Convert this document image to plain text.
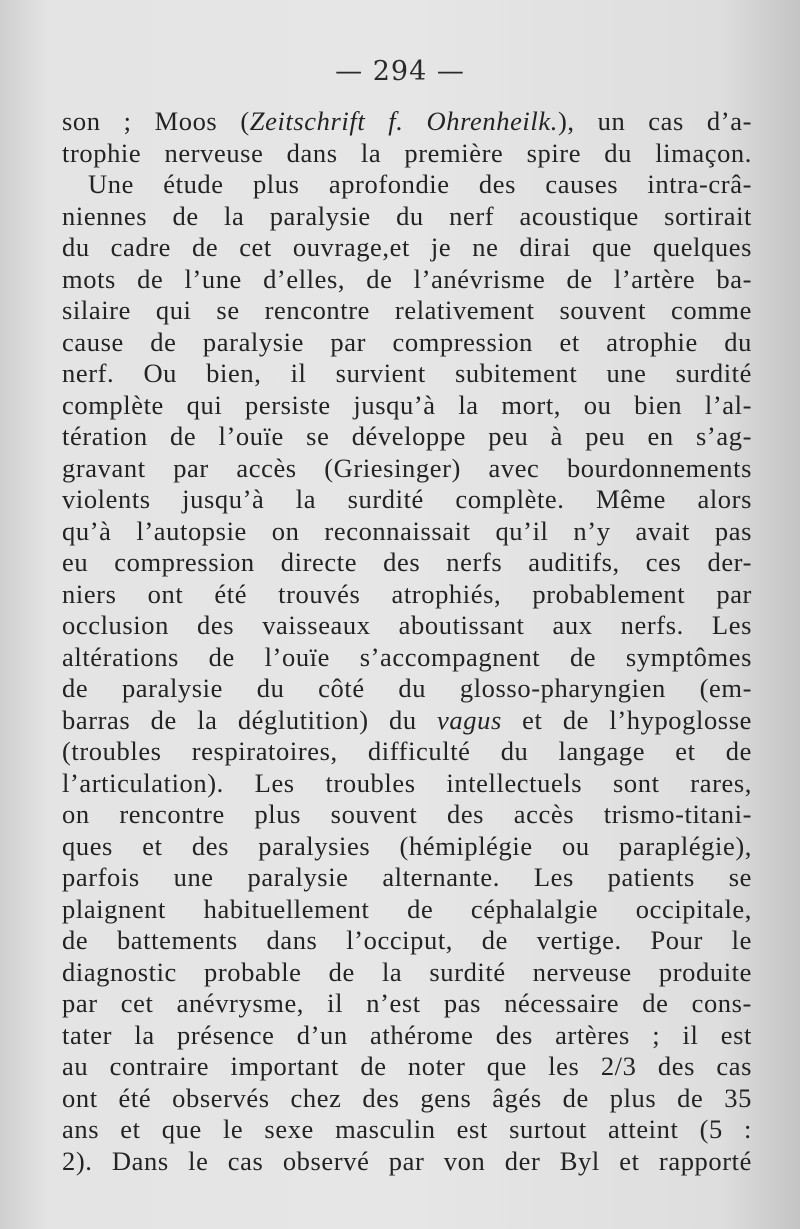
— 294 —
son ; Moos (Zeitschrift f. Ohrenheilk.), un cas d’a-
trophie nerveuse dans la première spire du limaçon.
Une étude plus aprofondie des causes intra-crâ-
niennes de la paralysie du nerf acoustique sortirait
du cadre de cet ouvrage,et je ne dirai que quelques
mots de l’une d’elles, de l’anévrisme de l’artère ba-
silaire qui se rencontre relativement souvent comme
cause de paralysie par compression et atrophie du
nerf. Ou bien, il survient subitement une surdité
complète qui persiste jusqu’à la mort, ou bien l’al-
tération de l’ouïe se développe peu à peu en s’ag-
gravant par accès (Griesinger) avec bourdonnements
violents jusqu’à la surdité complète. Même alors
qu’à l’autopsie on reconnaissait qu’il n’y avait pas
eu compression directe des nerfs auditifs, ces der-
niers ont été trouvés atrophiés, probablement par
occlusion des vaisseaux aboutissant aux nerfs. Les
altérations de l’ouïe s’accompagnent de symptômes
de paralysie du côté du glosso-pharyngien (em-
barras de la déglutition) du vagus et de l’hypoglosse
(troubles respiratoires, difficulté du langage et de
l’articulation). Les troubles intellectuels sont rares,
on rencontre plus souvent des accès trismo-titani-
ques et des paralysies (hémiplégie ou paraplégie),
parfois une paralysie alternante. Les patients se
plaignent habituellement de céphalalgie occipitale,
de battements dans l’occiput, de vertige. Pour le
diagnostic probable de la surdité nerveuse produite
par cet anévrysme, il n’est pas nécessaire de cons-
tater la présence d’un athérome des artères ; il est
au contraire important de noter que les 2/3 des cas
ont été observés chez des gens âgés de plus de 35
ans et que le sexe masculin est surtout atteint (5 :
2). Dans le cas observé par von der Byl et rapporté
